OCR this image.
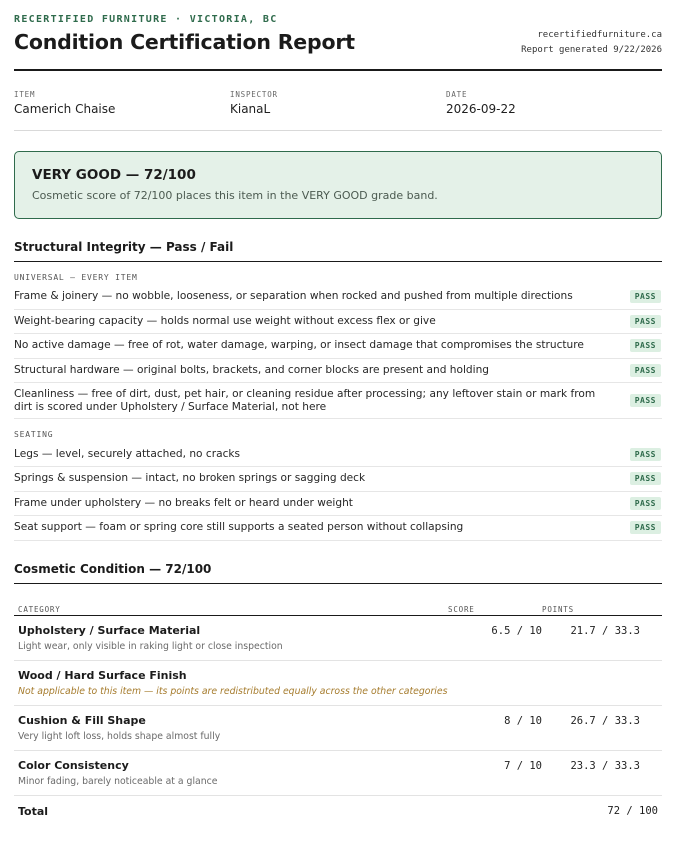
RECERTIFIED FURNITURE · VICTORIA, BC
Condition Certification Report	recertifiedfurniture.ca
Report generated 9/22/2026
ITEM
Camerich Chaise
INSPECTOR
KianaL
DATE
2026-09-22
VERY GOOD — 72/100
Cosmetic score of 72/100 places this item in the VERY GOOD grade band.
Structural Integrity — Pass / Fail
UNIVERSAL — EVERY ITEM
Frame & joinery — no wobble, looseness, or separation when rocked and pushed from multiple directions	PASS
Weight-bearing capacity — holds normal use weight without excess flex or give	PASS
No active damage — free of rot, water damage, warping, or insect damage that compromises the structure	PASS
Structural hardware — original bolts, brackets, and corner blocks are present and holding	PASS
Cleanliness — free of dirt, dust, pet hair, or cleaning residue after processing; any leftover stain or mark from dirt is scored under Upholstery / Surface Material, not here	PASS
SEATING
Legs — level, securely attached, no cracks	PASS
Springs & suspension — intact, no broken springs or sagging deck	PASS
Frame under upholstery — no breaks felt or heard under weight	PASS
Seat support — foam or spring core still supports a seated person without collapsing	PASS
Cosmetic Condition — 72/100
CATEGORY	SCORE	POINTS
Upholstery / Surface Material
Light wear, only visible in raking light or close inspection
6.5 / 10	21.7 / 33.3
Wood / Hard Surface Finish
Not applicable to this item — its points are redistributed equally across the other categories
Cushion & Fill Shape
Very light loft loss, holds shape almost fully
8 / 10	26.7 / 33.3
Color Consistency
Minor fading, barely noticeable at a glance
7 / 10	23.3 / 33.3
Total	72 / 100
